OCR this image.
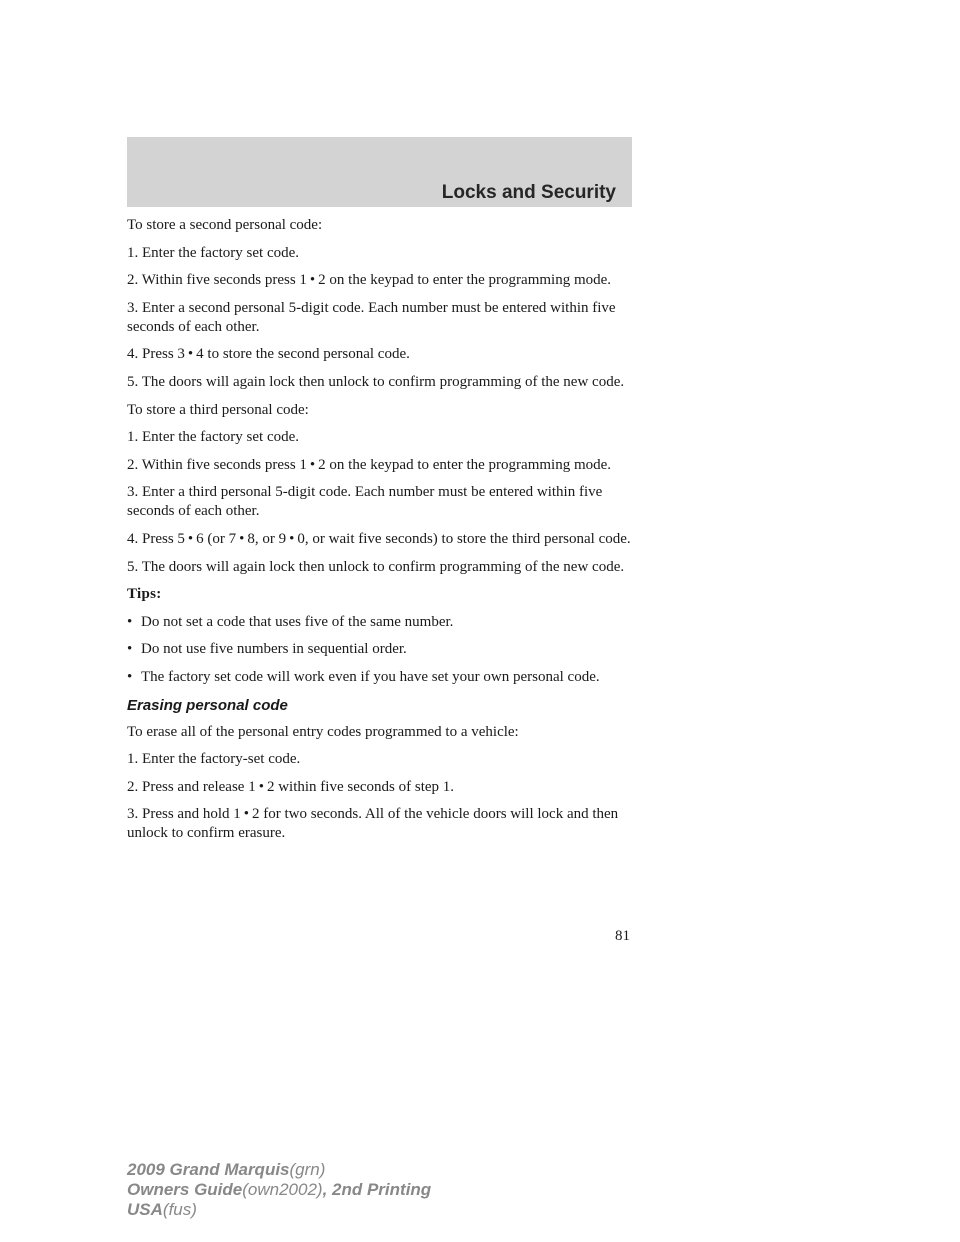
Locks and Security

To store a second personal code:

1. Enter the factory set code.

2. Within five seconds press 1 • 2 on the keypad to enter the programming mode.

3. Enter a second personal 5-digit code. Each number must be entered within five seconds of each other.

4. Press 3 • 4 to store the second personal code.

5. The doors will again lock then unlock to confirm programming of the new code.

To store a third personal code:

1. Enter the factory set code.

2. Within five seconds press 1 • 2 on the keypad to enter the programming mode.

3. Enter a third personal 5-digit code. Each number must be entered within five seconds of each other.

4. Press 5 • 6 (or 7 • 8, or 9 • 0, or wait five seconds) to store the third personal code.

5. The doors will again lock then unlock to confirm programming of the new code.

Tips:

• Do not set a code that uses five of the same number.
• Do not use five numbers in sequential order.
• The factory set code will work even if you have set your own personal code.
Erasing personal code

To erase all of the personal entry codes programmed to a vehicle:

1. Enter the factory-set code.

2. Press and release 1 • 2 within five seconds of step 1.

3. Press and hold 1 • 2 for two seconds. All of the vehicle doors will lock and then unlock to confirm erasure.

81
2009 Grand Marquis(grn)
Owners Guide(own2002), 2nd Printing
USA(fus)
